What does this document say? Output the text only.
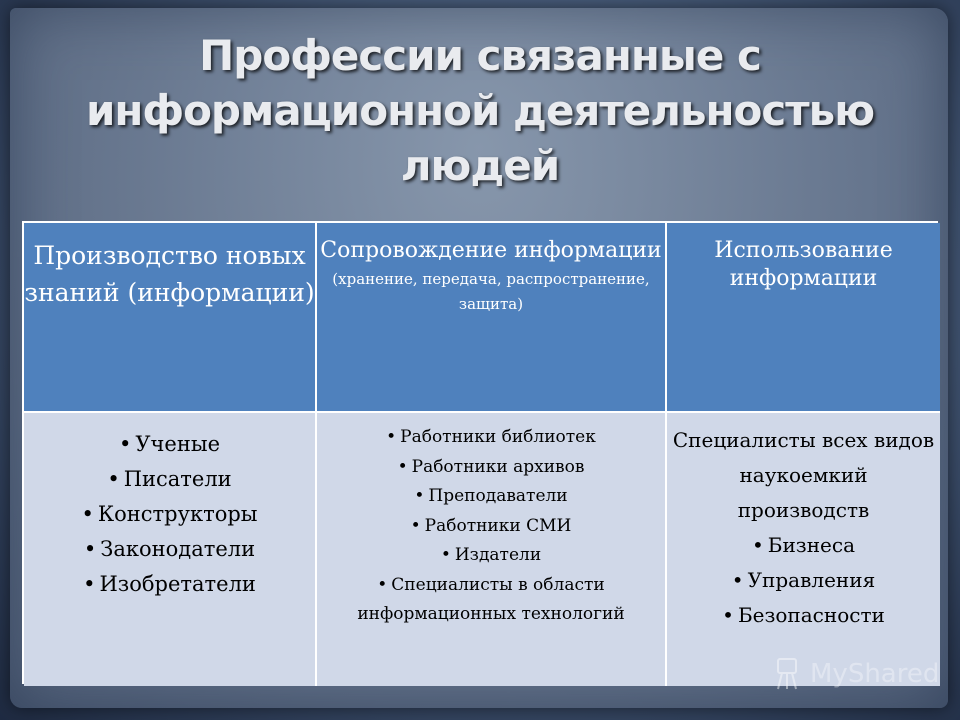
Профессии связанные с
информационной деятельностью
людей
Производство новых знаний (информации)
Сопровождение информации
(хранение, передача, распространение, защита)
Использование информации
• Ученые
• Писатели
• Конструкторы
• Законодатели
• Изобретатели
• Работники библиотек
• Работники архивов
• Преподаватели
• Работники СМИ
• Издатели
• Специалисты в области информационных технологий
Специалисты всех видов наукоемкий производств
• Бизнеса
• Управления
• Безопасности
MyShared
